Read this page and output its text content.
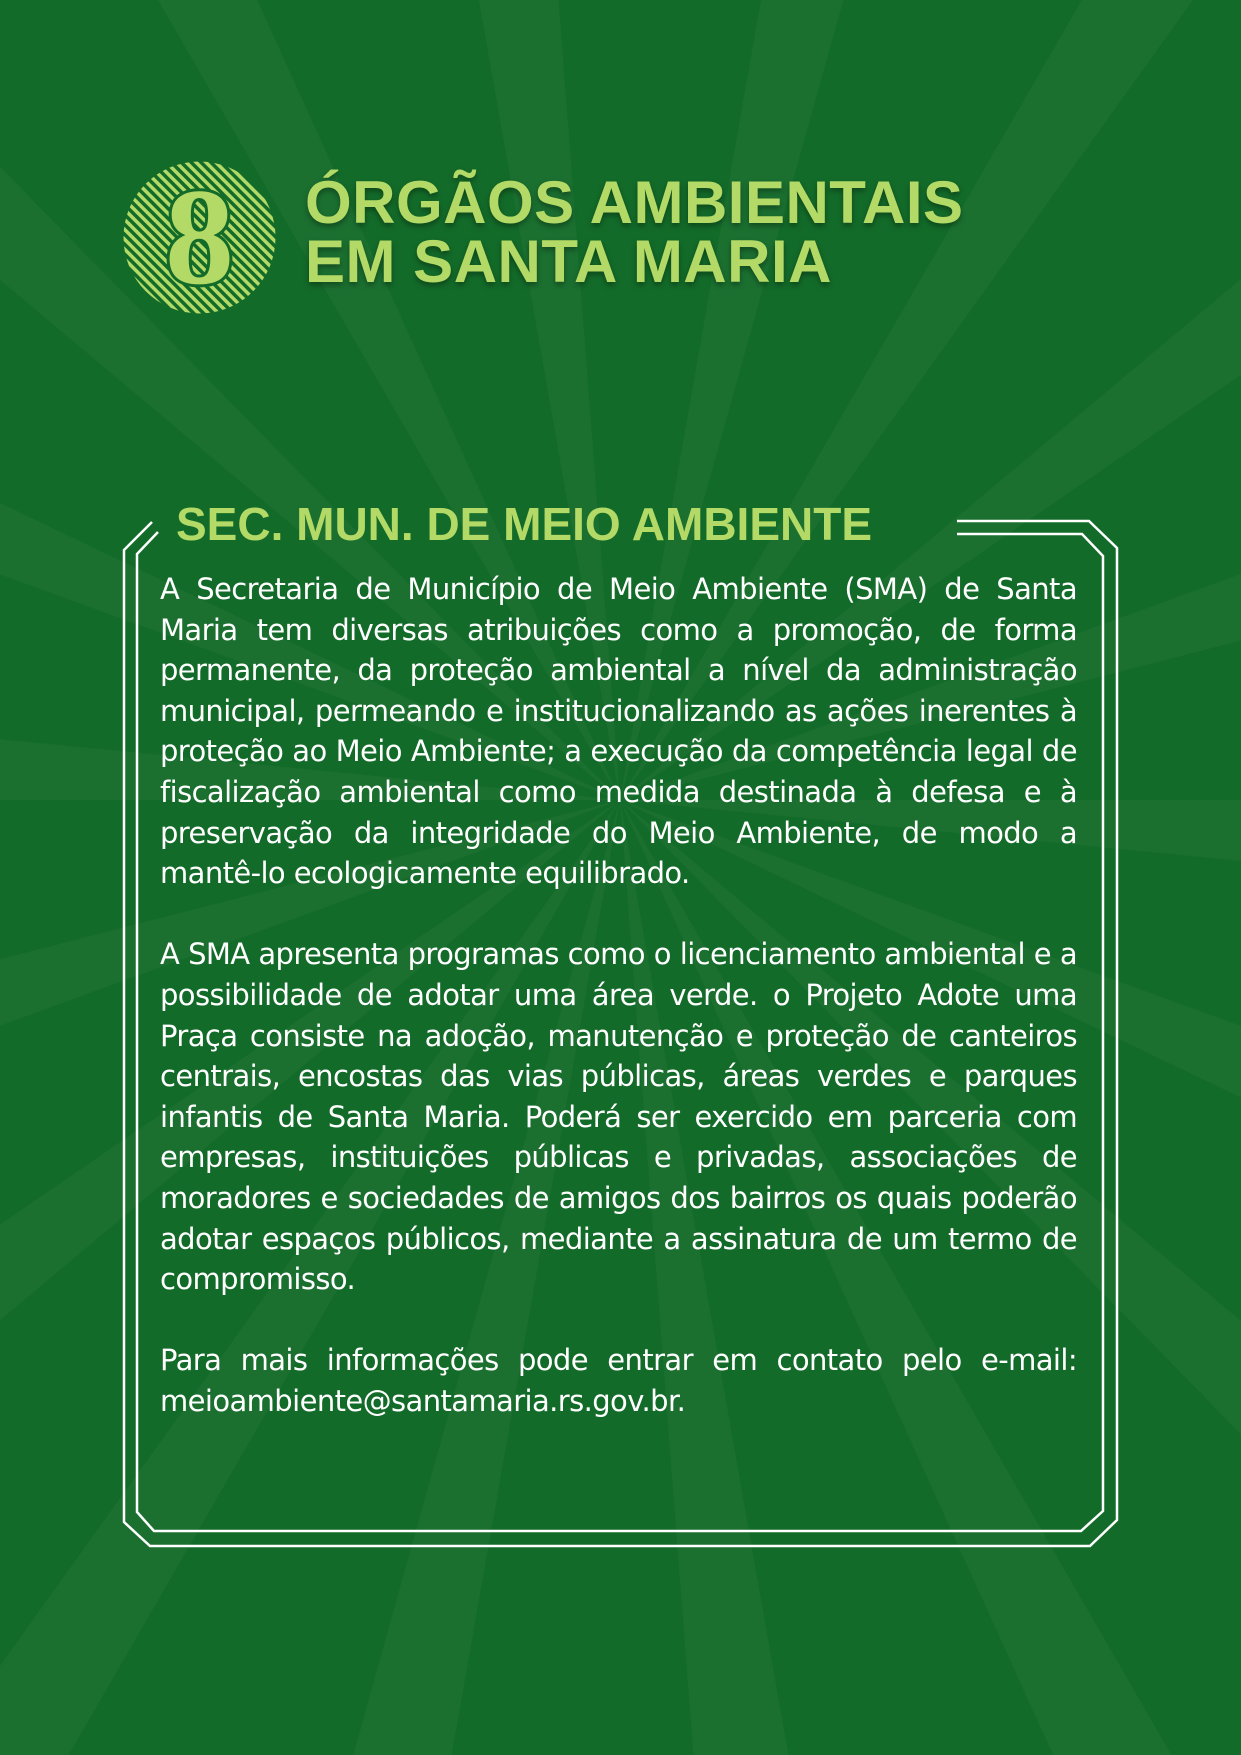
8 ÓRGÃOS AMBIENTAIS
EM SANTA MARIA
SEC. MUN. DE MEIO AMBIENTE

A Secretaria de Município de Meio Ambiente (SMA) de Santa Maria tem diversas atribuições como a promoção, de forma permanente, da proteção ambiental a nível da administração municipal, permeando e institucionalizando as ações inerentes à proteção ao Meio Ambiente; a execução da competência legal de fiscalização ambiental como medida destinada à defesa e à preservação da integridade do Meio Ambiente, de modo a mantê-lo ecologicamente equilibrado.

A SMA apresenta programas como o licenciamento ambiental e a possibilidade de adotar uma área verde. o Projeto Adote uma Praça consiste na adoção, manutenção e proteção de canteiros centrais, encostas das vias públicas, áreas verdes e parques infantis de Santa Maria. Poderá ser exercido em parceria com empresas, instituições públicas e privadas, associações de moradores e sociedades de amigos dos bairros os quais poderão adotar espaços públicos, mediante a assinatura de um termo de compromisso.

Para mais informações pode entrar em contato pelo e-mail: meioambiente@santamaria.rs.gov.br.
